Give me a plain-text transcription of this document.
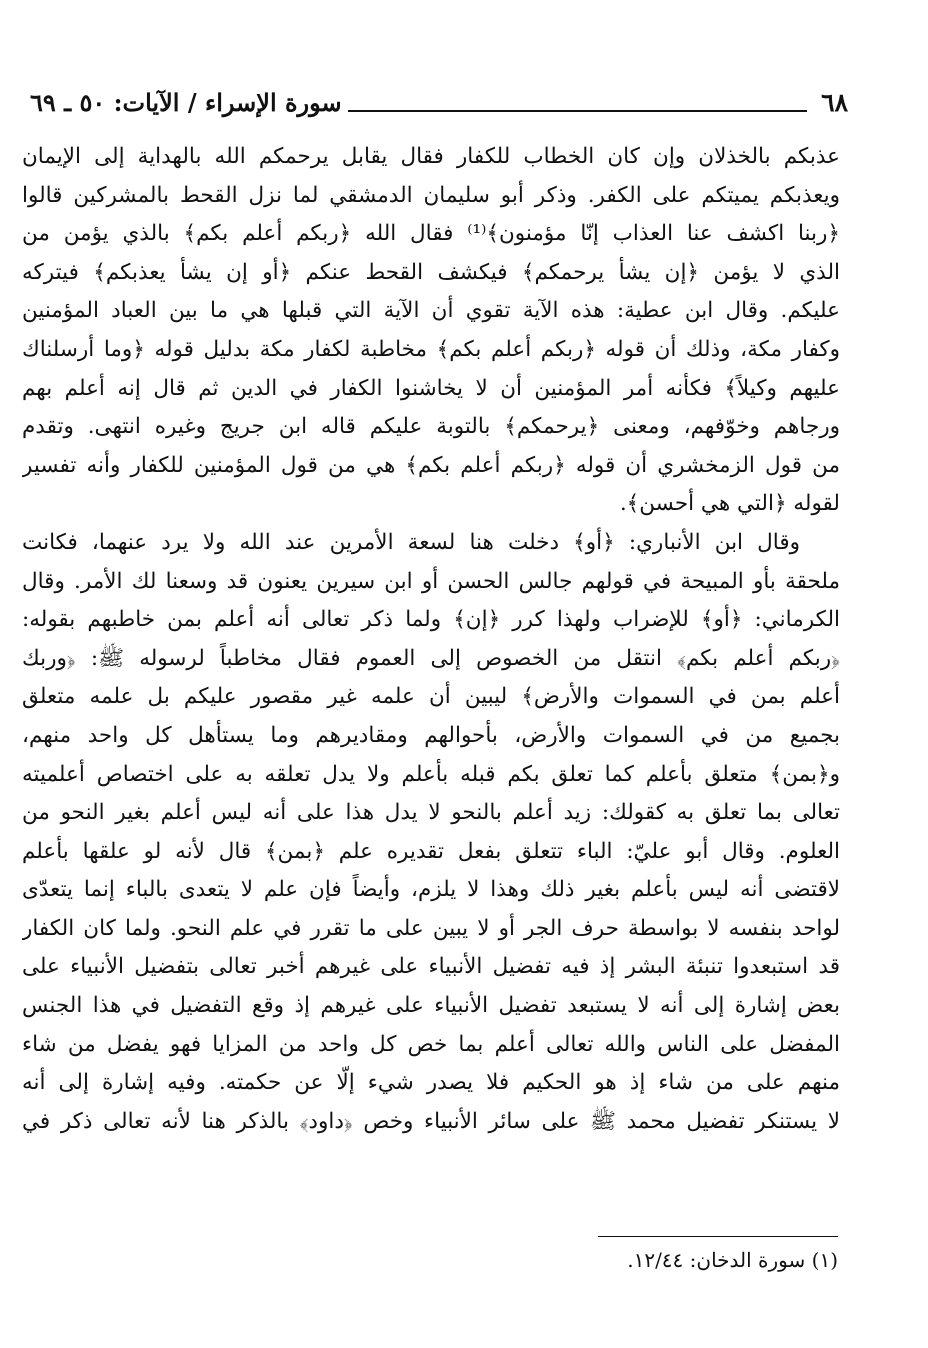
٦٨
سورة الإسراء / الآيات: ٥٠ ـ ٦٩
عذبكم بالخذلان وإن كان الخطاب للكفار فقال يقابل يرحمكم الله بالهداية إلى الإيمان
ويعذبكم يميتكم على الكفر. وذكر أبو سليمان الدمشقي لما نزل القحط بالمشركين قالوا
﴿ربنا اكشف عنا العذاب إنّا مؤمنون﴾⁽¹⁾ فقال الله ﴿ربكم أعلم بكم﴾ بالذي يؤمن من
الذي لا يؤمن ﴿إن يشأ يرحمكم﴾ فيكشف القحط عنكم ﴿أو إن يشأ يعذبكم﴾ فيتركه
عليكم. وقال ابن عطية: هذه الآية تقوي أن الآية التي قبلها هي ما بين العباد المؤمنين
وكفار مكة، وذلك أن قوله ﴿ربكم أعلم بكم﴾ مخاطبة لكفار مكة بدليل قوله ﴿وما أرسلناك
عليهم وكيلاً﴾ فكأنه أمر المؤمنين أن لا يخاشنوا الكفار في الدين ثم قال إنه أعلم بهم
ورجاهم وخوّفهم، ومعنى ﴿يرحمكم﴾ بالتوبة عليكم قاله ابن جريج وغيره انتهى. وتقدم
من قول الزمخشري أن قوله ﴿ربكم أعلم بكم﴾ هي من قول المؤمنين للكفار وأنه تفسير
لقوله ﴿التي هي أحسن﴾.
وقال ابن الأنباري: ﴿أو﴾ دخلت هنا لسعة الأمرين عند الله ولا يرد عنهما، فكانت
ملحقة بأو المبيحة في قولهم جالس الحسن أو ابن سيرين يعنون قد وسعنا لك الأمر. وقال
الكرماني: ﴿أو﴾ للإضراب ولهذا كرر ﴿إن﴾ ولما ذكر تعالى أنه أعلم بمن خاطبهم بقوله:
﴿ربكم أعلم بكم﴾ انتقل من الخصوص إلى العموم فقال مخاطباً لرسوله ﷺ: ﴿وربك
أعلم بمن في السموات والأرض﴾ ليبين أن علمه غير مقصور عليكم بل علمه متعلق
بجميع من في السموات والأرض، بأحوالهم ومقاديرهم وما يستأهل كل واحد منهم،
و﴿بمن﴾ متعلق بأعلم كما تعلق بكم قبله بأعلم ولا يدل تعلقه به على اختصاص أعلميته
تعالى بما تعلق به كقولك: زيد أعلم بالنحو لا يدل هذا على أنه ليس أعلم بغير النحو من
العلوم. وقال أبو عليّ: الباء تتعلق بفعل تقديره علم ﴿بمن﴾ قال لأنه لو علقها بأعلم
لاقتضى أنه ليس بأعلم بغير ذلك وهذا لا يلزم، وأيضاً فإن علم لا يتعدى بالباء إنما يتعدّى
لواحد بنفسه لا بواسطة حرف الجر أو لا يبين على ما تقرر في علم النحو. ولما كان الكفار
قد استبعدوا تنبئة البشر إذ فيه تفضيل الأنبياء على غيرهم أخبر تعالى بتفضيل الأنبياء على
بعض إشارة إلى أنه لا يستبعد تفضيل الأنبياء على غيرهم إذ وقع التفضيل في هذا الجنس
المفضل على الناس والله تعالى أعلم بما خص كل واحد من المزايا فهو يفضل من شاء
منهم على من شاء إذ هو الحكيم فلا يصدر شيء إلّا عن حكمته. وفيه إشارة إلى أنه
لا يستنكر تفضيل محمد ﷺ على سائر الأنبياء وخص ﴿داود﴾ بالذكر هنا لأنه تعالى ذكر في
(١) سورة الدخان: ١٢/٤٤.
